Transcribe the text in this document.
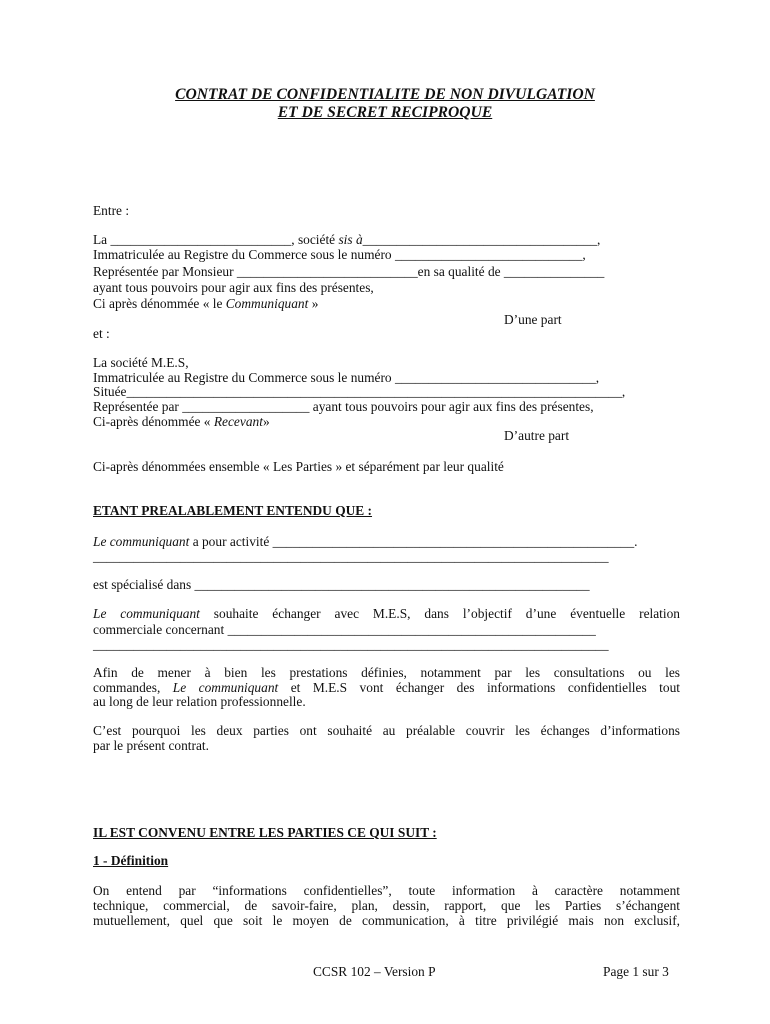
CONTRAT DE CONFIDENTIALITE DE NON DIVULGATION
ET DE SECRET RECIPROQUE
Entre :
La ___________________________, société sis à___________________________________,
Immatriculée au Registre du Commerce sous le numéro ____________________________,
Représentée par Monsieur ___________________________en sa qualité de _______________
ayant tous pouvoirs pour agir aux fins des présentes,
Ci après dénommée « le Communiquant »
D’une part
et :
La société M.E.S,
Immatriculée au Registre du Commerce sous le numéro ______________________________,
Située__________________________________________________________________________,
Représentée par ___________________ ayant tous pouvoirs pour agir aux fins des présentes,
Ci-après dénommée « Recevant»
D’autre part
Ci-après dénommées ensemble « Les Parties » et séparément par leur qualité
ETANT PREALABLEMENT ENTENDU QUE :
Le communiquant a pour activité ______________________________________________________.
_____________________________________________________________________________
est spécialisé dans ___________________________________________________________
Le communiquant souhaite échanger avec M.E.S, dans l’objectif d’une éventuelle relation
commerciale concernant _______________________________________________________
_____________________________________________________________________________
Afin de mener à bien les prestations définies, notamment par les consultations ou les
commandes, Le communiquant et M.E.S vont échanger des informations confidentielles tout
au long de leur relation professionnelle.
C’est pourquoi les deux parties ont souhaité au préalable couvrir les échanges d’informations
par le présent contrat.
IL EST CONVENU ENTRE LES PARTIES CE QUI SUIT :
1 - Définition
On entend par “informations confidentielles”, toute information à caractère notamment
technique, commercial, de savoir-faire, plan, dessin, rapport, que les Parties s’échangent
mutuellement, quel que soit le moyen de communication, à titre privilégié mais non exclusif,
CCSR 102 – Version P	Page 1 sur 3
